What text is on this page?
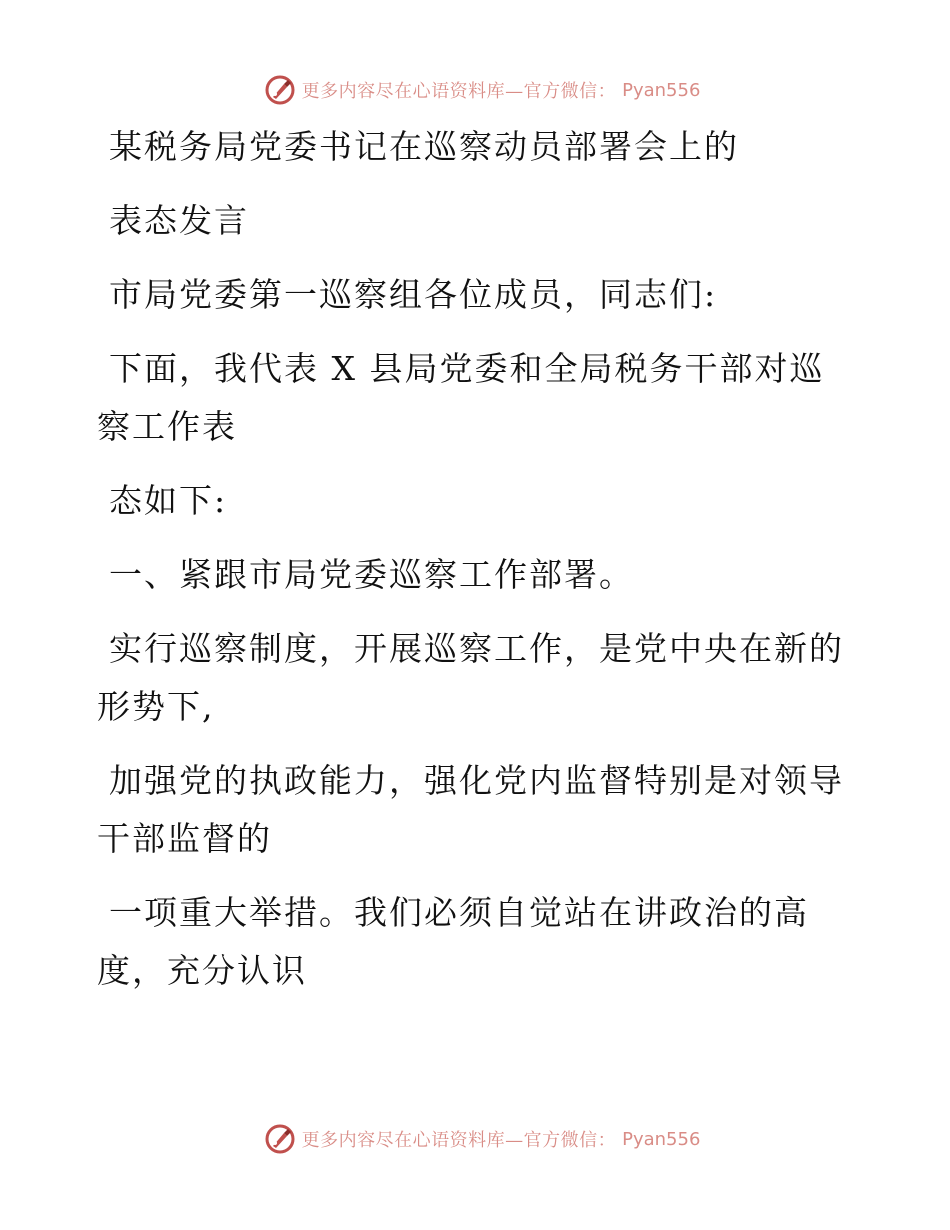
更多内容尽在心语资料库—官方微信： Pyan556

某税务局党委书记在巡察动员部署会上的

表态发言

市局党委第一巡察组各位成员，同志们:

下面，我代表 X 县局党委和全局税务干部对巡察工作表

态如下:

一、紧跟市局党委巡察工作部署。

实行巡察制度，开展巡察工作，是党中央在新的形势下,

加强党的执政能力，强化党内监督特别是对领导干部监督的

一项重大举措。我们必须自觉站在讲政治的高度，充分认识

更多内容尽在心语资料库—官方微信： Pyan556
